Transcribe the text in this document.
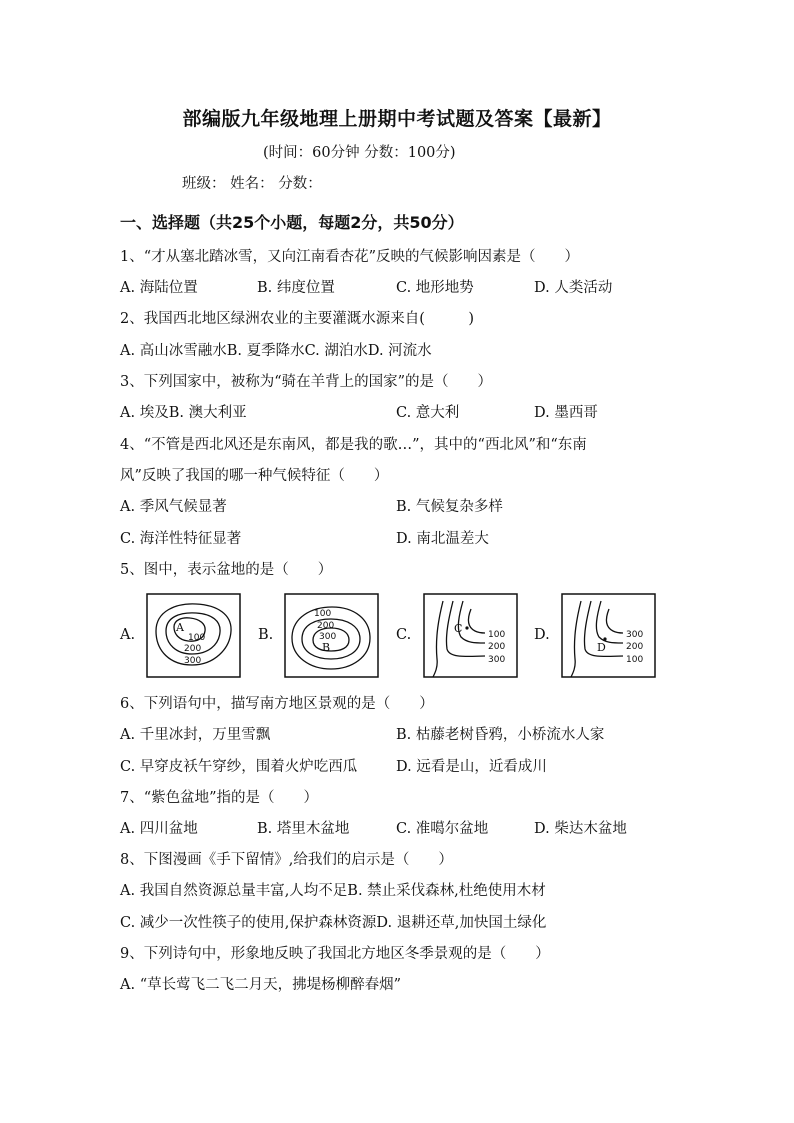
部编版九年级地理上册期中考试题及答案【最新】
(时间：60分钟 分数：100分)
班级： 姓名： 分数：
一、选择题（共25个小题，每题2分，共50分）
1、“才从塞北踏冰雪，又向江南看杏花”反映的气候影响因素是（　　）
A. 海陆位置	B. 纬度位置	C. 地形地势	D. 人类活动
2、我国西北地区绿洲农业的主要灌溉水源来自(　　　)
A. 高山冰雪融水B. 夏季降水C. 湖泊水D. 河流水
3、下列国家中，被称为“骑在羊背上的国家”的是（　　）
A. 埃及B. 澳大利亚	C. 意大利	D. 墨西哥
4、“不管是西北风还是东南风，都是我的歌…”，其中的“西北风”和“东南
风”反映了我国的哪一种气候特征（　　）
A. 季风气候显著	B. 气候复杂多样
C. 海洋性特征显著	D. 南北温差大
5、图中，表示盆地的是（　　）
A.	A
100
200
300
B.
100
200
300
B
C.	C	100
200
300
D.
D
300
200
100
6、下列语句中，描写南方地区景观的是（　　）
A. 千里冰封，万里雪飘	B. 枯藤老树昏鸦，小桥流水人家
C. 早穿皮袄午穿纱，围着火炉吃西瓜	D. 远看是山，近看成川
7、“紫色盆地”指的是（　　）
A. 四川盆地	B. 塔里木盆地	C. 准噶尔盆地	D. 柴达木盆地
8、下图漫画《手下留情》,给我们的启示是（　　）
A. 我国自然资源总量丰富,人均不足B. 禁止采伐森林,杜绝使用木材
C. 减少一次性筷子的使用,保护森林资源D. 退耕还草,加快国土绿化
9、下列诗句中，形象地反映了我国北方地区冬季景观的是（　　）
A. “草长莺飞二飞二月天，拂堤杨柳醉春烟”
